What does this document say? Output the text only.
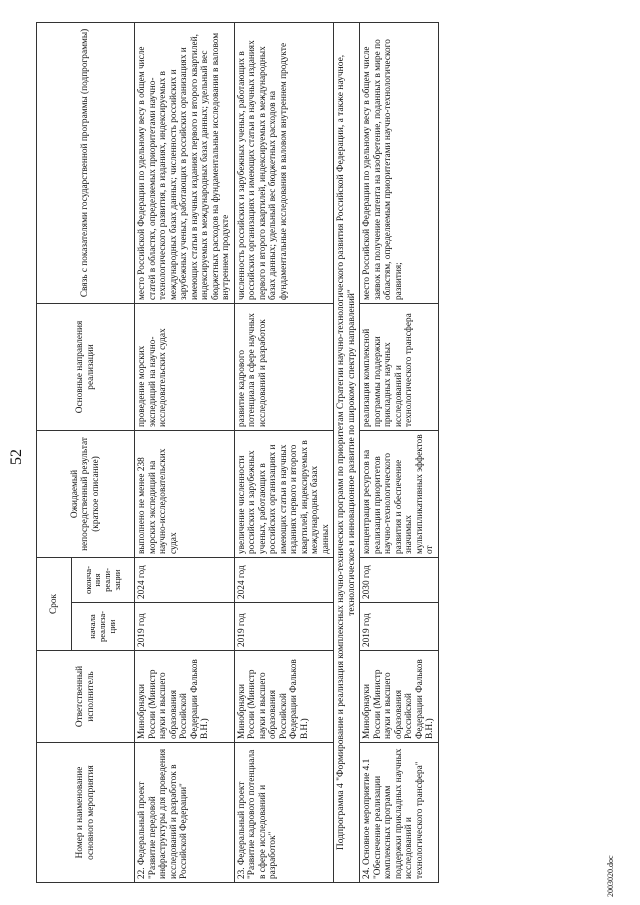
52
Номер и наименование основного мероприятия	Ответственный исполнитель	Срок		Ожидаемый непосредственный результат (краткое описание)	Основные направления реализации	Связь с показателями государственной программы (подпрограммы)
		начала реализа-ции	оконча-ния реали-зации			
22. Федеральный проект "Развитие передовой инфраструктуры для проведения исследований и разработок в Российской Федерации"	Минобрнауки России (Министр науки и высшего образования Российской Федерации Фальков В.Н.)	2019 год	2024 год	выполнено не менее 238 морских экспедиций на научно-исследовательских судах	проведение морских экспедиций на научно-исследовательских судах	место Российской Федерации по удельному весу в общем числе статей в областях, определяемых приоритетами научно-технологического развития, в изданиях, индексируемых в международных базах данных; численность российских и зарубежных ученых, работающих в российских организациях и имеющих статьи в научных изданиях первого и второго квартилей, индексируемых в международных базах данных; удельный вес бюджетных расходов на фундаментальные исследования в валовом внутреннем продукте
23. Федеральный проект "Развитие кадрового потенциала в сфере исследований и разработок"	Минобрнауки России (Министр науки и высшего образования Российской Федерации Фальков В.Н.)	2019 год	2024 год	увеличение численности российских и зарубежных ученых, работающих в российских организациях и имеющих статьи в научных изданиях первого и второго квартилей, индексируемых в международных базах данных	развитие кадрового потенциала в сфере научных исследований и разработок	численность российских и зарубежных ученых, работающих в российских организациях и имеющих статьи в научных изданиях первого и второго квартилей, индексируемых в международных базах данных; удельный вес бюджетных расходов на фундаментальные исследования в валовом внутреннем продукте
Подпрограмма 4 "Формирование и реализация комплексных научно-технических программ по приоритетам Стратегии научно-технологического развития Российской Федерации, а также научное, технологическое и инновационное развитие по широкому спектру направлений"						
24. Основное мероприятие 4.1 "Обеспечение реализации комплексных программ поддержки прикладных научных исследований и технологического трансфера"	Минобрнауки России (Министр науки и высшего образования Российской Федерации Фальков В.Н.)	2019 год	2030 год	концентрация ресурсов на реализации приоритетов научно-технологического развития и обеспечение значимых мультипликативных эффектов от	реализация комплексной программы поддержки прикладных научных исследований и технологического трансфера	место Российской Федерации по удельному весу в общем числе заявок на получение патента на изобретение, поданных в мире по областям, определяемым приоритетами научно-технологического развития;
2003020.doc
